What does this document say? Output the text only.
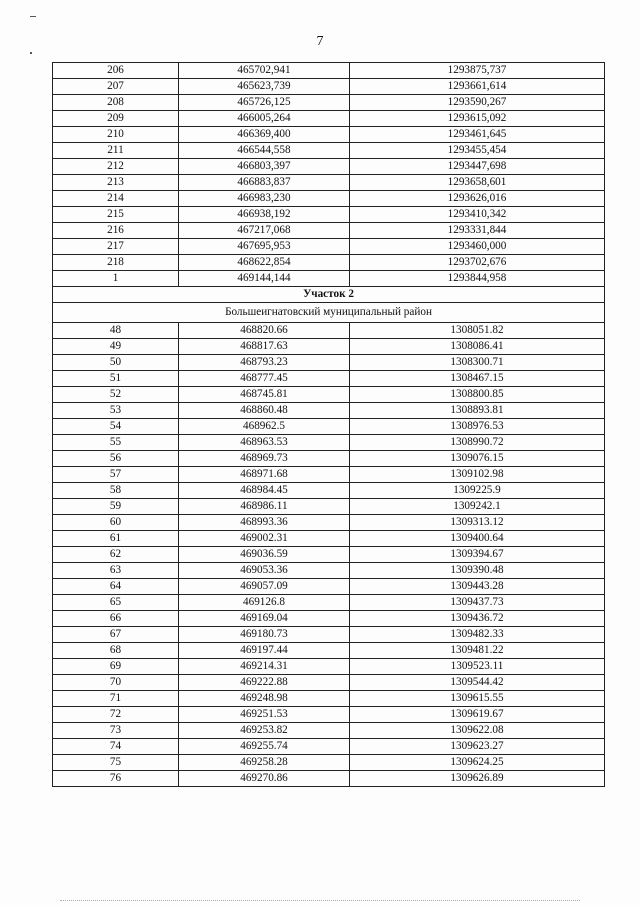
7
206	465702,941	1293875,737
207	465623,739	1293661,614
208	465726,125	1293590,267
209	466005,264	1293615,092
210	466369,400	1293461,645
211	466544,558	1293455,454
212	466803,397	1293447,698
213	466883,837	1293658,601
214	466983,230	1293626,016
215	466938,192	1293410,342
216	467217,068	1293331,844
217	467695,953	1293460,000
218	468622,854	1293702,676
1	469144,144	1293844,958
Участок 2		
Большеигнатовский муниципальный район		
48	468820.66	1308051.82
49	468817.63	1308086.41
50	468793.23	1308300.71
51	468777.45	1308467.15
52	468745.81	1308800.85
53	468860.48	1308893.81
54	468962.5	1308976.53
55	468963.53	1308990.72
56	468969.73	1309076.15
57	468971.68	1309102.98
58	468984.45	1309225.9
59	468986.11	1309242.1
60	468993.36	1309313.12
61	469002.31	1309400.64
62	469036.59	1309394.67
63	469053.36	1309390.48
64	469057.09	1309443.28
65	469126.8	1309437.73
66	469169.04	1309436.72
67	469180.73	1309482.33
68	469197.44	1309481.22
69	469214.31	1309523.11
70	469222.88	1309544.42
71	469248.98	1309615.55
72	469251.53	1309619.67
73	469253.82	1309622.08
74	469255.74	1309623.27
75	469258.28	1309624.25
76	469270.86	1309626.89
